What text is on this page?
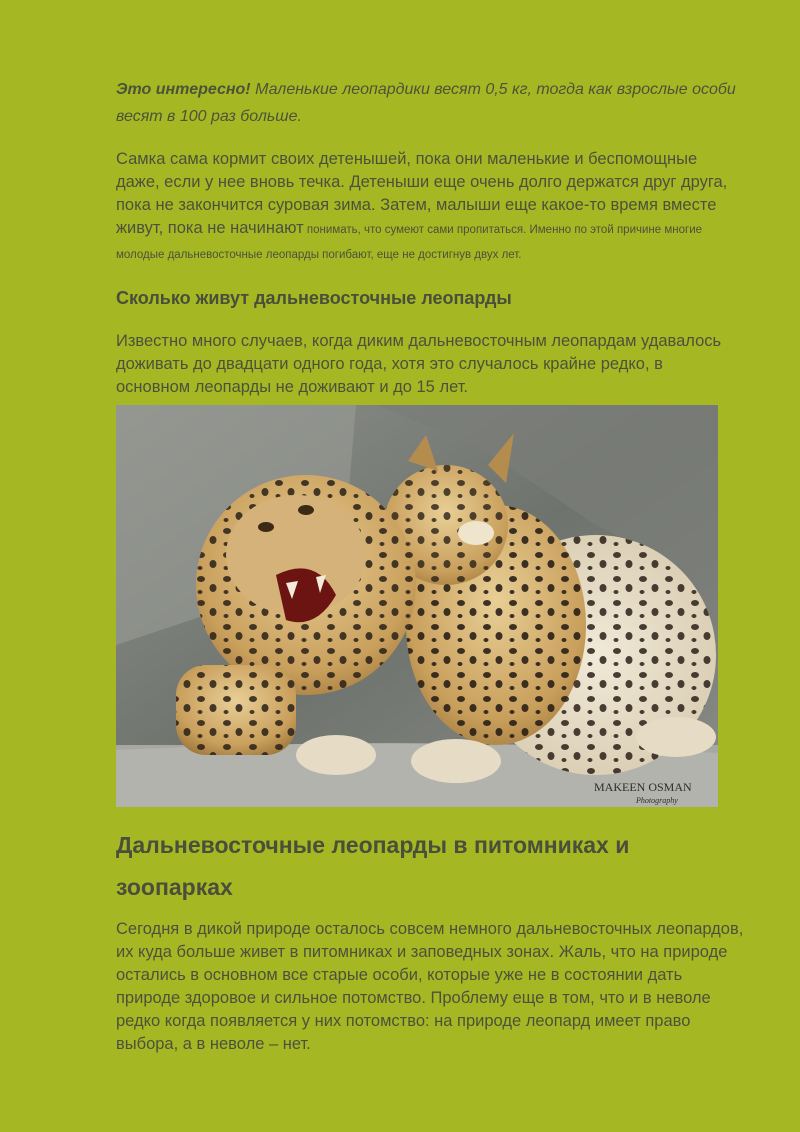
Это интересно! Маленькие леопардики весят 0,5 кг, тогда как взрослые особи весят в 100 раз больше.

Самка сама кормит своих детенышей, пока они маленькие и беспомощные даже, если у нее вновь течка. Детеныши еще очень долго держатся друг друга, пока не закончится суровая зима. Затем, малыши еще какое-то время вместе живут, пока не начинают понимать, что сумеют сами пропитаться. Именно по этой причине многие молодые дальневосточные леопарды погибают, еще не достигнув двух лет.

Сколько живут дальневосточные леопарды

Известно много случаев, когда диким дальневосточным леопардам удавалось доживать до двадцати одного года, хотя это случалось крайне редко, в основном леопарды не доживают и до 15 лет.

MAKEEN OSMAN
Photography
Дальневосточные леопарды в питомниках и зоопарках

Сегодня в дикой природе осталось совсем немного дальневосточных леопардов, их куда больше живет в питомниках и заповедных зонах. Жаль, что на природе остались в основном все старые особи, которые уже не в состоянии дать природе здоровое и сильное потомство. Проблему еще в том, что и в неволе редко когда появляется у них потомство: на природе леопард имеет право выбора, а в неволе – нет.
